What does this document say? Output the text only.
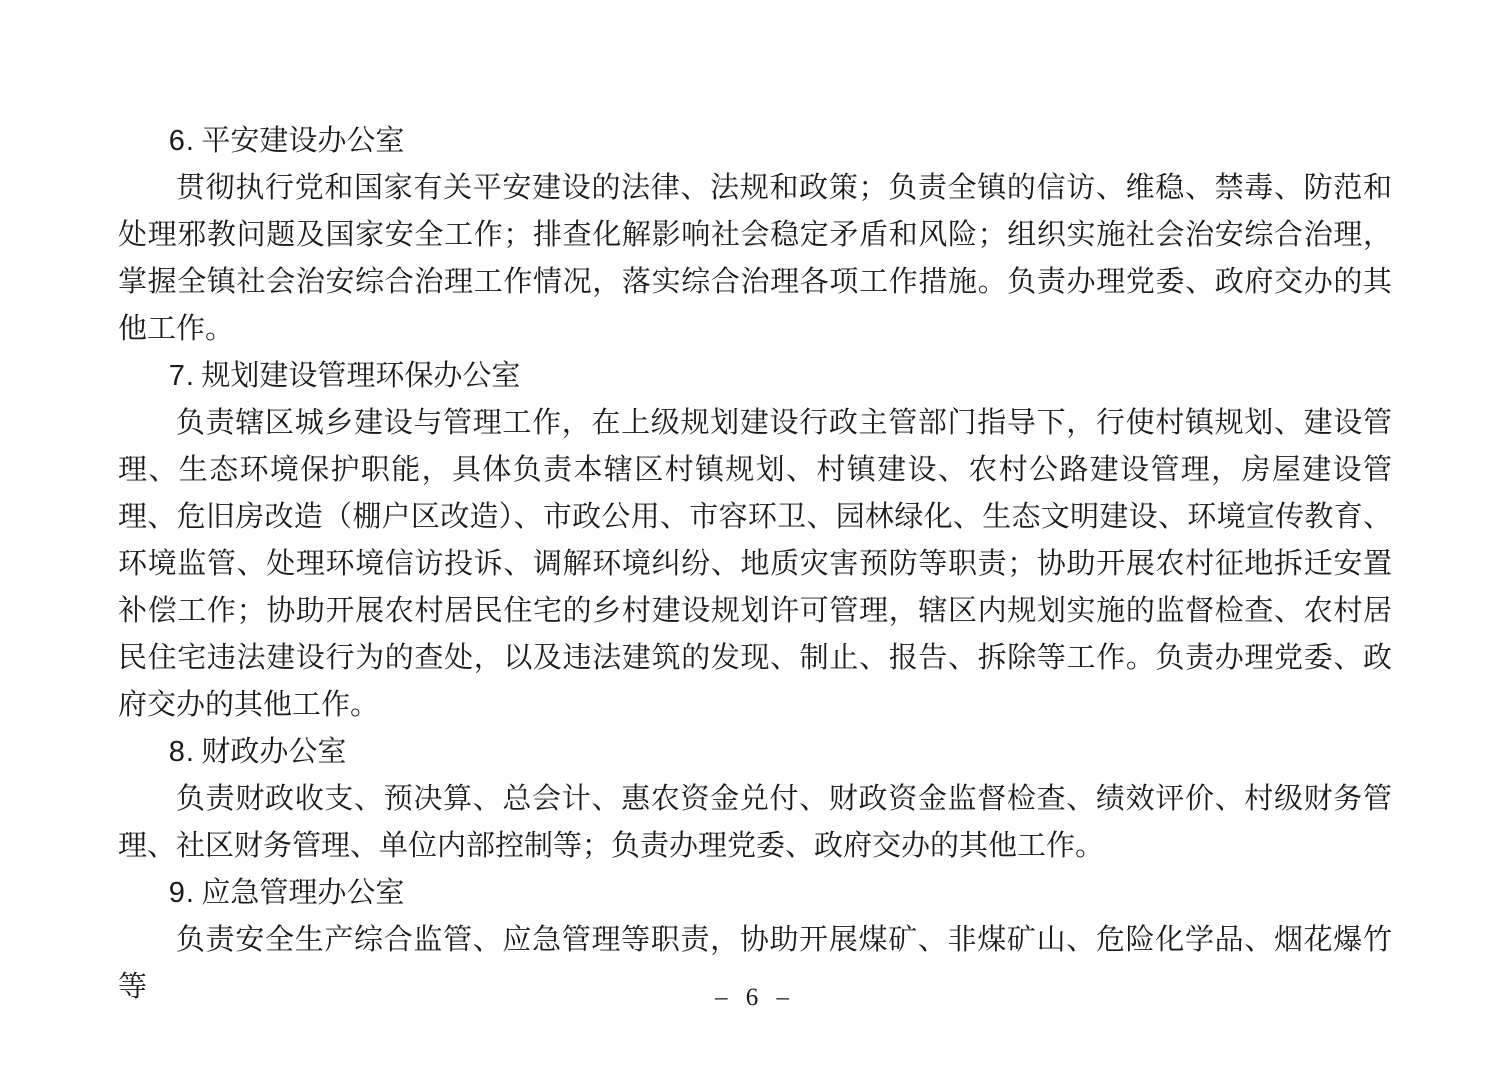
6. 平安建设办公室

贯彻执行党和国家有关平安建设的法律、法规和政策；负责全镇的信访、维稳、禁毒、防范和处理邪教问题及国家安全工作；排查化解影响社会稳定矛盾和风险；组织实施社会治安综合治理，掌握全镇社会治安综合治理工作情况，落实综合治理各项工作措施。负责办理党委、政府交办的其他工作。

7. 规划建设管理环保办公室

负责辖区城乡建设与管理工作，在上级规划建设行政主管部门指导下，行使村镇规划、建设管理、生态环境保护职能，具体负责本辖区村镇规划、村镇建设、农村公路建设管理，房屋建设管理、危旧房改造（棚户区改造）、市政公用、市容环卫、园林绿化、生态文明建设、环境宣传教育、环境监管、处理环境信访投诉、调解环境纠纷、地质灾害预防等职责；协助开展农村征地拆迁安置补偿工作；协助开展农村居民住宅的乡村建设规划许可管理，辖区内规划实施的监督检查、农村居民住宅违法建设行为的查处，以及违法建筑的发现、制止、报告、拆除等工作。负责办理党委、政府交办的其他工作。

8. 财政办公室

负责财政收支、预决算、总会计、惠农资金兑付、财政资金监督检查、绩效评价、村级财务管理、社区财务管理、单位内部控制等；负责办理党委、政府交办的其他工作。

9. 应急管理办公室

负责安全生产综合监管、应急管理等职责，协助开展煤矿、非煤矿山、危险化学品、烟花爆竹等	– 6 –
